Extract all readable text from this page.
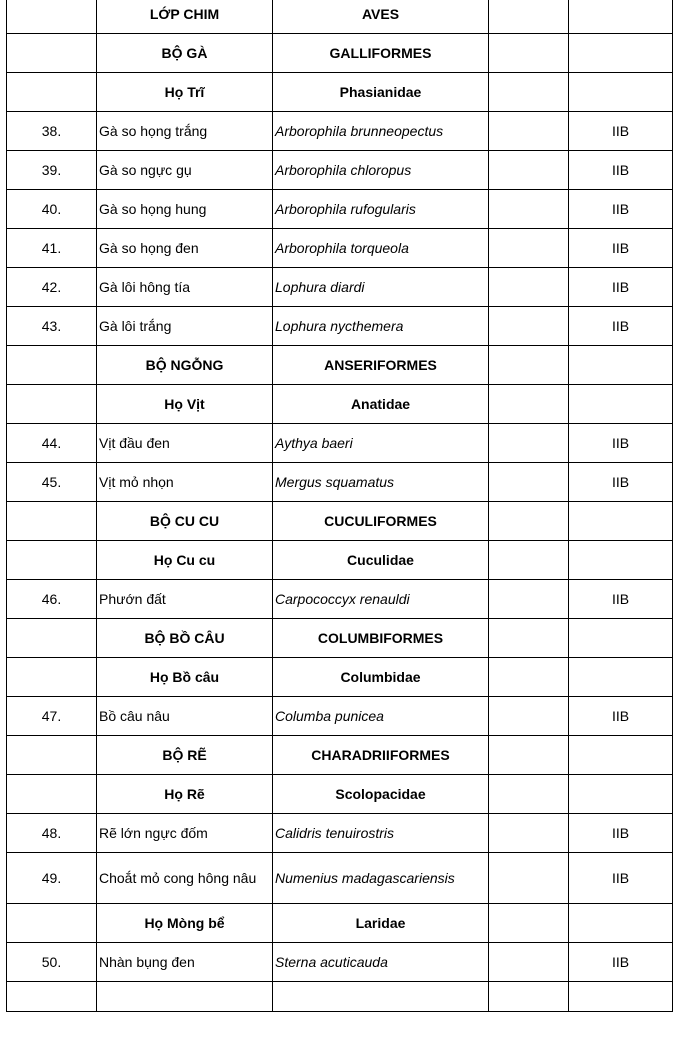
	LỚP CHIM	AVES		
	BỘ GÀ	GALLIFORMES		
	Họ Trĩ	Phasianidae		
38.	Gà so họng trắng	Arborophila brunneopectus		IIB
39.	Gà so ngực gụ	Arborophila chloropus		IIB
40.	Gà so họng hung	Arborophila rufogularis		IIB
41.	Gà so họng đen	Arborophila torqueola		IIB
42.	Gà lôi hông tía	Lophura diardi		IIB
43.	Gà lôi trắng	Lophura nycthemera		IIB
	BỘ NGỖNG	ANSERIFORMES		
	Họ Vịt	Anatidae		
44.	Vịt đầu đen	Aythya baeri		IIB
45.	Vịt mỏ nhọn	Mergus squamatus		IIB
	BỘ CU CU	CUCULIFORMES		
	Họ Cu cu	Cuculidae		
46.	Phướn đất	Carpococcyx renauldi		IIB
	BỘ BỒ CÂU	COLUMBIFORMES		
	Họ Bồ câu	Columbidae		
47.	Bồ câu nâu	Columba punicea		IIB
	BỘ RẼ	CHARADRIIFORMES		
	Họ Rẽ	Scolopacidae		
48.	Rẽ lớn ngực đốm	Calidris tenuirostris		IIB
49.	Choắt mỏ cong hông nâu	Numenius madagascariensis		IIB
	Họ Mòng bể	Laridae		
50.	Nhàn bụng đen	Sterna acuticauda		IIB
